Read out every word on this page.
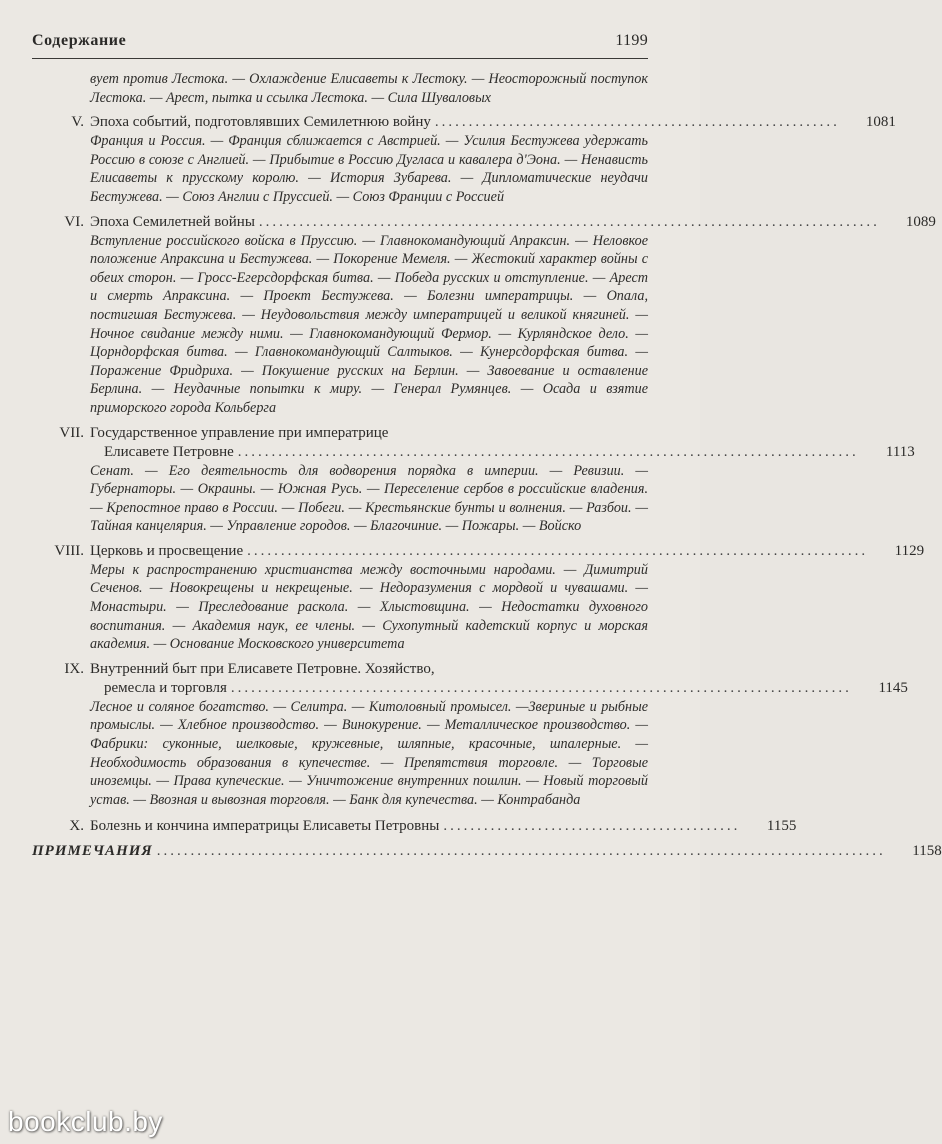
Содержание	1199
вует против Лестока. — Охлаждение Елисаветы к Лестоку. — Неосторожный поступок Лестока. — Арест, пытка и ссылка Лестока. — Сила Шуваловых
V. Эпоха событий, подготовлявших Семилетнюю войну ............................................................	1081
Франция и Россия. — Франция сближается с Австрией. — Усилия Бестужева удержать Россию в союзе с Англией. — Прибытие в Россию Дугласа и кавалера д'Эона. — Ненависть Елисаветы к прусскому королю. — История Зубарева. — Дипломатические неудачи Бестужева. — Союз Англии с Пруссией. — Союз Франции с Россией
VI. Эпоха Семилетней войны ............................................................................................	1089
Вступление российского войска в Пруссию. — Главнокомандующий Апраксин. — Неловкое положение Апраксина и Бестужева. — Покорение Мемеля. — Жестокий характер войны с обеих сторон. — Гросс-Егерсдорфская битва. — Победа русских и отступление. — Арест и смерть Апраксина. — Проект Бестужева. — Болезни императрицы. — Опала, постигшая Бестужева. — Неудовольствия между императрицей и великой княгиней. — Ночное свидание между ними. — Главнокомандующий Фермор. — Курляндское дело. — Цорндорфская битва. — Главнокомандующий Салтыков. — Кунерсдорфская битва. — Поражение Фридриха. — Покушение русских на Берлин. — Завоевание и оставление Берлина. — Неудачные попытки к миру. — Генерал Румянцев. — Осада и взятие приморского города Кольберга
VII. Государственное управление при императрице
Елисавете Петровне ............................................................................................	1113
Сенат. — Его деятельность для водворения порядка в империи. — Ревизии. — Губернаторы. — Окраины. — Южная Русь. — Переселение сербов в российские владения. — Крепостное право в России. — Побеги. — Крестьянские бунты и волнения. — Разбои. — Тайная канцелярия. — Управление городов. — Благочиние. — Пожары. — Войско
VIII. Церковь и просвещение ............................................................................................	1129
Меры к распространению христианства между восточными народами. — Димитрий Сеченов. — Новокрещены и некрещеные. — Недоразумения с мордвой и чувашами. — Монастыри. — Преследование раскола. — Хлыстовщина. — Недостатки духовного воспитания. — Академия наук, ее члены. — Сухопутный кадетский корпус и морская академия. — Основание Московского университета
IX. Внутренний быт при Елисавете Петровне. Хозяйство,
ремесла и торговля ............................................................................................	1145
Лесное и соляное богатство. — Селитра. — Китоловный промысел. —Звериные и рыбные промыслы. — Хлебное производство. — Винокурение. — Металлическое производство. — Фабрики: суконные, шелковые, кружевные, шляпные, красочные, шпалерные. — Необходимость образования в купечестве. — Препятствия торговле. — Торговые иноземцы. — Права купеческие. — Уничтожение внутренних пошлин. — Новый торговый устав. — Ввозная и вывозная торговля. — Банк для купечества. — Контрабанда
X. Болезнь и кончина императрицы Елисаветы Петровны ............................................	1155
ПРИМЕЧАНИЯ ............................................................................................................	1158
bookclub.by
